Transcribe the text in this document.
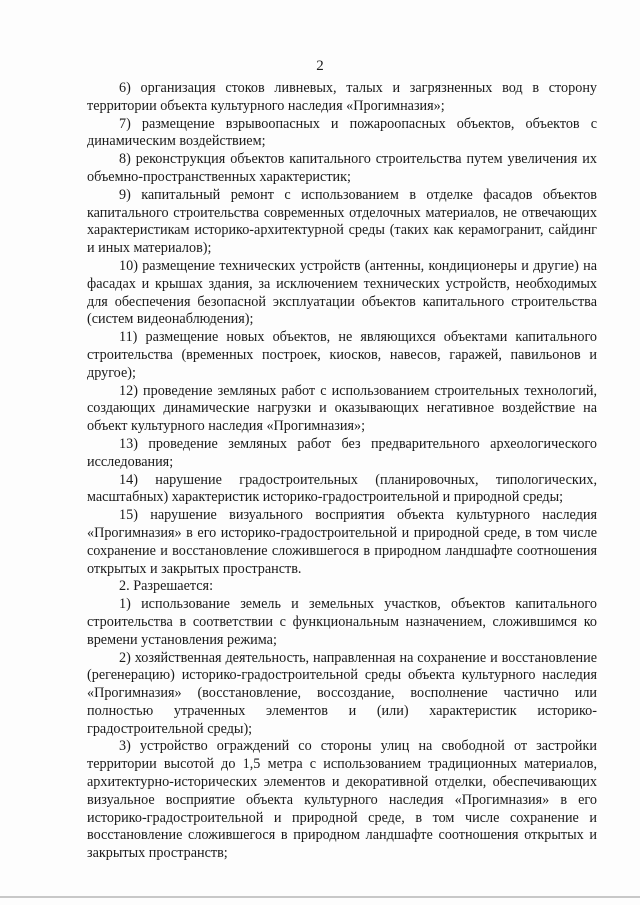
2

6) организация стоков ливневых, талых и загрязненных вод в сторону территории объекта культурного наследия «Прогимназия»;

7) размещение взрывоопасных и пожароопасных объектов, объектов с динамическим воздействием;

8) реконструкция объектов капитального строительства путем увеличения их объемно-пространственных характеристик;

9) капитальный ремонт с использованием в отделке фасадов объектов капитального строительства современных отделочных материалов, не отвечающих характеристикам историко-архитектурной среды (таких как керамогранит, сайдинг и иных материалов);

10) размещение технических устройств (антенны, кондиционеры и другие) на фасадах и крышах здания, за исключением технических устройств, необходимых для обеспечения безопасной эксплуатации объектов капитального строительства (систем видеонаблюдения);

11) размещение новых объектов, не являющихся объектами капитального строительства (временных построек, киосков, навесов, гаражей, павильонов и другое);

12) проведение земляных работ с использованием строительных технологий, создающих динамические нагрузки и оказывающих негативное воздействие на объект культурного наследия «Прогимназия»;

13) проведение земляных работ без предварительного археологического исследования;

14) нарушение градостроительных (планировочных, типологических, масштабных) характеристик историко-градостроительной и природной среды;

15) нарушение визуального восприятия объекта культурного наследия «Прогимназия» в его историко-градостроительной и природной среде, в том числе сохранение и восстановление сложившегося в природном ландшафте соотношения открытых и закрытых пространств.

2. Разрешается:

1) использование земель и земельных участков, объектов капитального строительства в соответствии с функциональным назначением, сложившимся ко времени установления режима;

2) хозяйственная деятельность, направленная на сохранение и восстановление (регенерацию) историко-градостроительной среды объекта культурного наследия «Прогимназия» (восстановление, воссоздание, восполнение частично или полностью утраченных элементов и (или) характеристик историко-градостроительной среды);

3) устройство ограждений со стороны улиц на свободной от застройки территории высотой до 1,5 метра с использованием традиционных материалов, архитектурно-исторических элементов и декоративной отделки, обеспечивающих визуальное восприятие объекта культурного наследия «Прогимназия» в его историко-градостроительной и природной среде, в том числе сохранение и восстановление сложившегося в природном ландшафте соотношения открытых и закрытых пространств;
